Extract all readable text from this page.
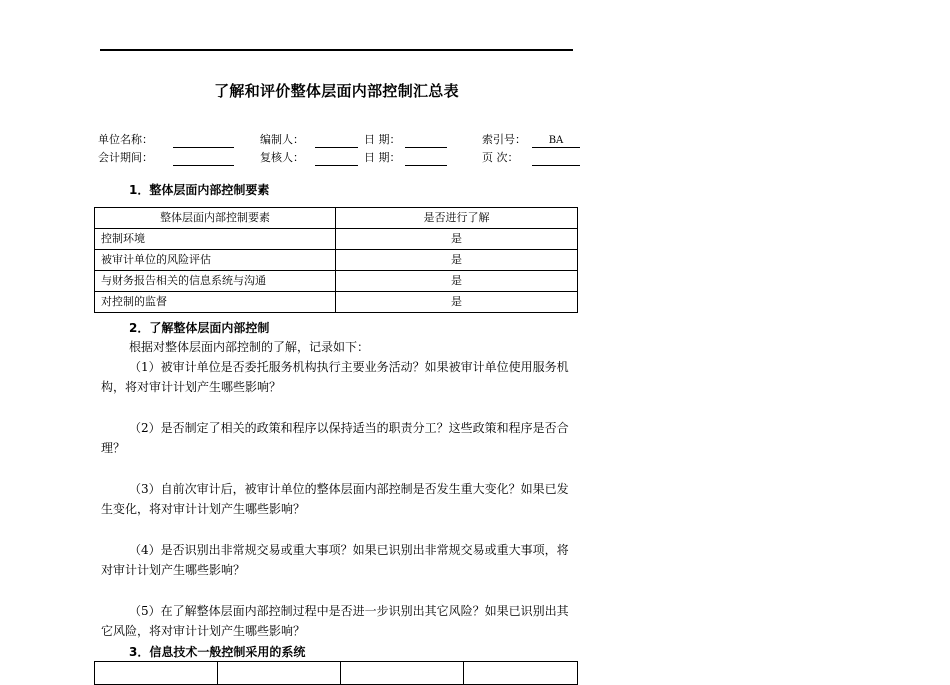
了解和评价整体层面内部控制汇总表
单位名称：	编制人：	日 期：	索引号：	BA
会计期间：	复核人：	日 期：	页 次：
1．整体层面内部控制要素
整体层面内部控制要素	是否进行了解
控制环境	是
被审计单位的风险评估	是
与财务报告相关的信息系统与沟通	是
对控制的监督	是
2．了解整体层面内部控制
根据对整体层面内部控制的了解，记录如下：
（1）被审计单位是否委托服务机构执行主要业务活动？如果被审计单位使用服务机构，将对审计计划产生哪些影响？
（2）是否制定了相关的政策和程序以保持适当的职责分工？这些政策和程序是否合理？
（3）自前次审计后，被审计单位的整体层面内部控制是否发生重大变化？如果已发生变化，将对审计计划产生哪些影响？
（4）是否识别出非常规交易或重大事项？如果已识别出非常规交易或重大事项，将对审计计划产生哪些影响？
（5）在了解整体层面内部控制过程中是否进一步识别出其它风险？如果已识别出其它风险，将对审计计划产生哪些影响？
3．信息技术一般控制采用的系统
